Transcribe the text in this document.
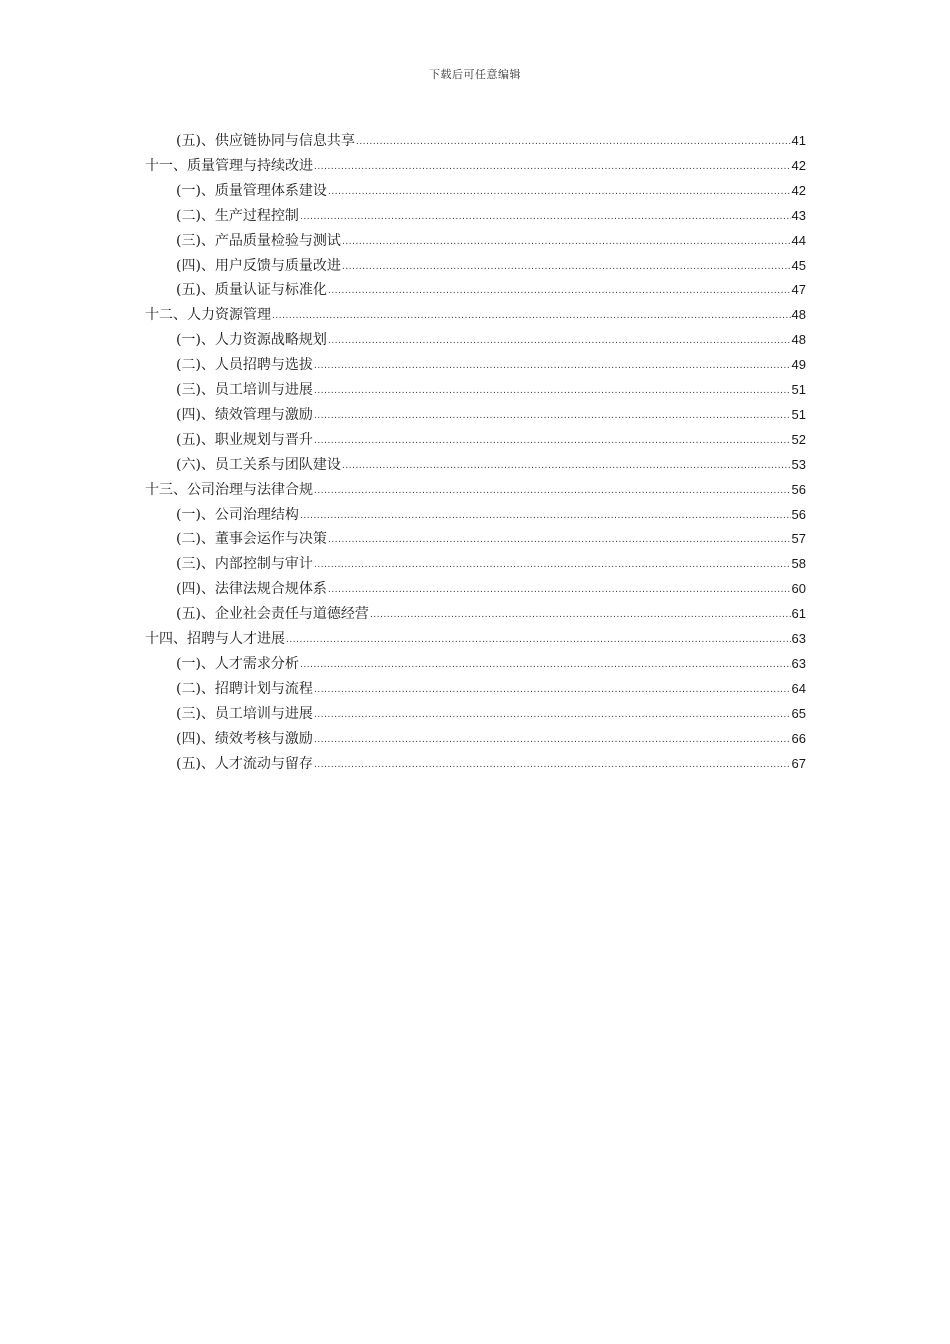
下载后可任意编辑
(五)、供应链协同与信息共享 .....	41
十一、质量管理与持续改进 .....	42
(一)、质量管理体系建设 .....	42
(二)、生产过程控制 .....	43
(三)、产品质量检验与测试 .....	44
(四)、用户反馈与质量改进 .....	45
(五)、质量认证与标准化 .....	47
十二、人力资源管理 .....	48
(一)、人力资源战略规划 .....	48
(二)、人员招聘与选拔 .....	49
(三)、员工培训与进展 .....	51
(四)、绩效管理与激励 .....	51
(五)、职业规划与晋升 .....	52
(六)、员工关系与团队建设 .....	53
十三、公司治理与法律合规 .....	56
(一)、公司治理结构 .....	56
(二)、董事会运作与决策 .....	57
(三)、内部控制与审计 .....	58
(四)、法律法规合规体系 .....	60
(五)、企业社会责任与道德经营 .....	61
十四、招聘与人才进展 .....	63
(一)、人才需求分析 .....	63
(二)、招聘计划与流程 .....	64
(三)、员工培训与进展 .....	65
(四)、绩效考核与激励 .....	66
(五)、人才流动与留存 .....	67
